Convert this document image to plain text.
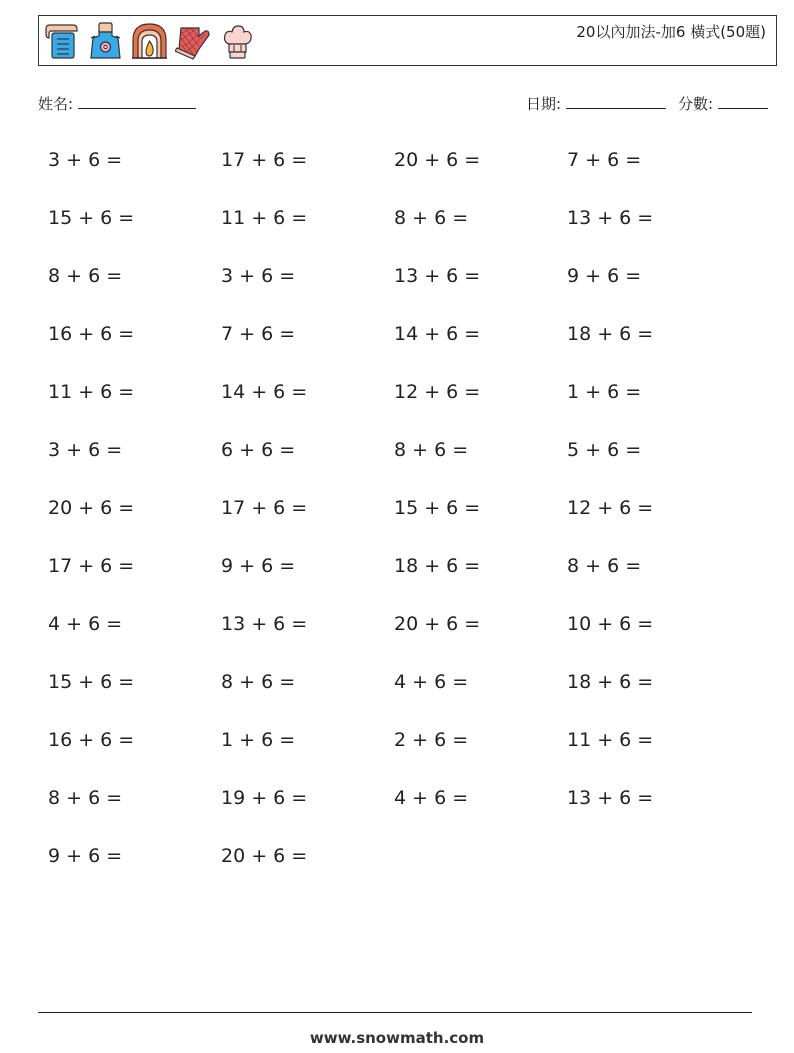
20以內加法-加6 橫式(50題)
姓名:	日期:	分數:
3 + 6 =	17 + 6 =	20 + 6 =	7 + 6 =
15 + 6 =	11 + 6 =	8 + 6 =	13 + 6 =
8 + 6 =	3 + 6 =	13 + 6 =	9 + 6 =
16 + 6 =	7 + 6 =	14 + 6 =	18 + 6 =
11 + 6 =	14 + 6 =	12 + 6 =	1 + 6 =
3 + 6 =	6 + 6 =	8 + 6 =	5 + 6 =
20 + 6 =	17 + 6 =	15 + 6 =	12 + 6 =
17 + 6 =	9 + 6 =	18 + 6 =	8 + 6 =
4 + 6 =	13 + 6 =	20 + 6 =	10 + 6 =
15 + 6 =	8 + 6 =	4 + 6 =	18 + 6 =
16 + 6 =	1 + 6 =	2 + 6 =	11 + 6 =
8 + 6 =	19 + 6 =	4 + 6 =	13 + 6 =
9 + 6 =	20 + 6 =
www.snowmath.com
